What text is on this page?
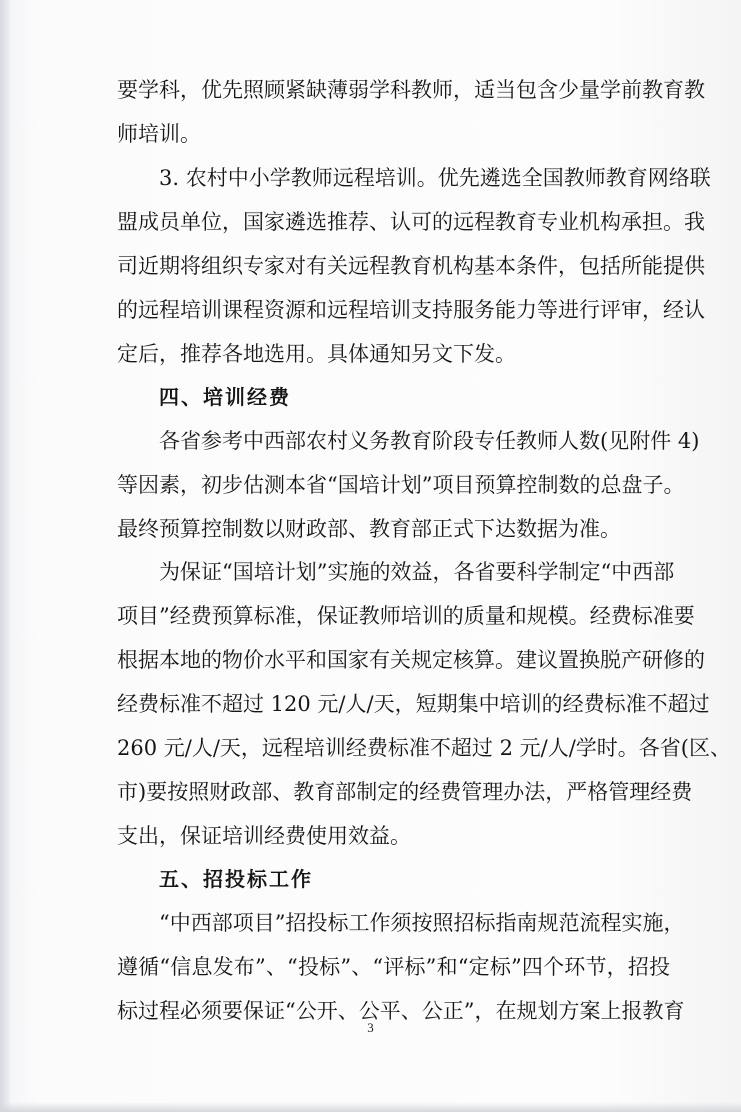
要学科，优先照顾紧缺薄弱学科教师，适当包含少量学前教育教

师培训。

3. 农村中小学教师远程培训。优先遴选全国教师教育网络联

盟成员单位，国家遴选推荐、认可的远程教育专业机构承担。我

司近期将组织专家对有关远程教育机构基本条件，包括所能提供

的远程培训课程资源和远程培训支持服务能力等进行评审，经认

定后，推荐各地选用。具体通知另文下发。

四、培训经费

各省参考中西部农村义务教育阶段专任教师人数(见附件 4)

等因素，初步估测本省“国培计划”项目预算控制数的总盘子。

最终预算控制数以财政部、教育部正式下达数据为准。

为保证“国培计划”实施的效益，各省要科学制定“中西部

项目”经费预算标准，保证教师培训的质量和规模。经费标准要

根据本地的物价水平和国家有关规定核算。建议置换脱产研修的

经费标准不超过 120 元/人/天，短期集中培训的经费标准不超过

260 元/人/天，远程培训经费标准不超过 2 元/人/学时。各省(区、

市)要按照财政部、教育部制定的经费管理办法，严格管理经费

支出，保证培训经费使用效益。

五、招投标工作

“中西部项目”招投标工作须按照招标指南规范流程实施，

遵循“信息发布”、“投标”、“评标”和“定标”四个环节，招投

标过程必须要保证“公开、公平、公正”，在规划方案上报教育

3
